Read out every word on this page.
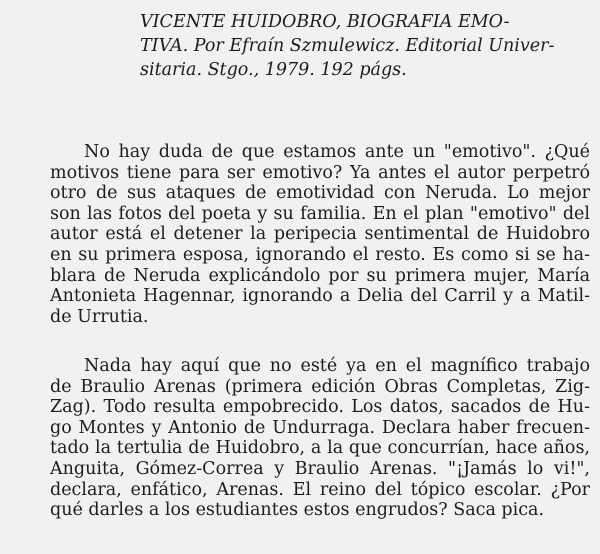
VICENTE HUIDOBRO, BIOGRAFIA EMO-
TIVA. Por Efraín Szmulewicz. Editorial Univer-
sitaria. Stgo., 1979. 192 págs.
No hay duda de que estamos ante un "emotivo". ¿Qué
motivos tiene para ser emotivo? Ya antes el autor perpetró
otro de sus ataques de emotividad con Neruda. Lo mejor
son las fotos del poeta y su familia. En el plan "emotivo" del
autor está el detener la peripecia sentimental de Huidobro
en su primera esposa, ignorando el resto. Es como si se ha-
blara de Neruda explicándolo por su primera mujer, María
Antonieta Hagennar, ignorando a Delia del Carril y a Matil-
de Urrutia.
Nada hay aquí que no esté ya en el magnífico trabajo
de Braulio Arenas (primera edición Obras Completas, Zig-
Zag). Todo resulta empobrecido. Los datos, sacados de Hu-
go Montes y Antonio de Undurraga. Declara haber frecuen-
tado la tertulia de Huidobro, a la que concurrían, hace años,
Anguita, Gómez-Correa y Braulio Arenas. "¡Jamás lo vi!",
declara, enfático, Arenas. El reino del tópico escolar. ¿Por
qué darles a los estudiantes estos engrudos? Saca pica.
